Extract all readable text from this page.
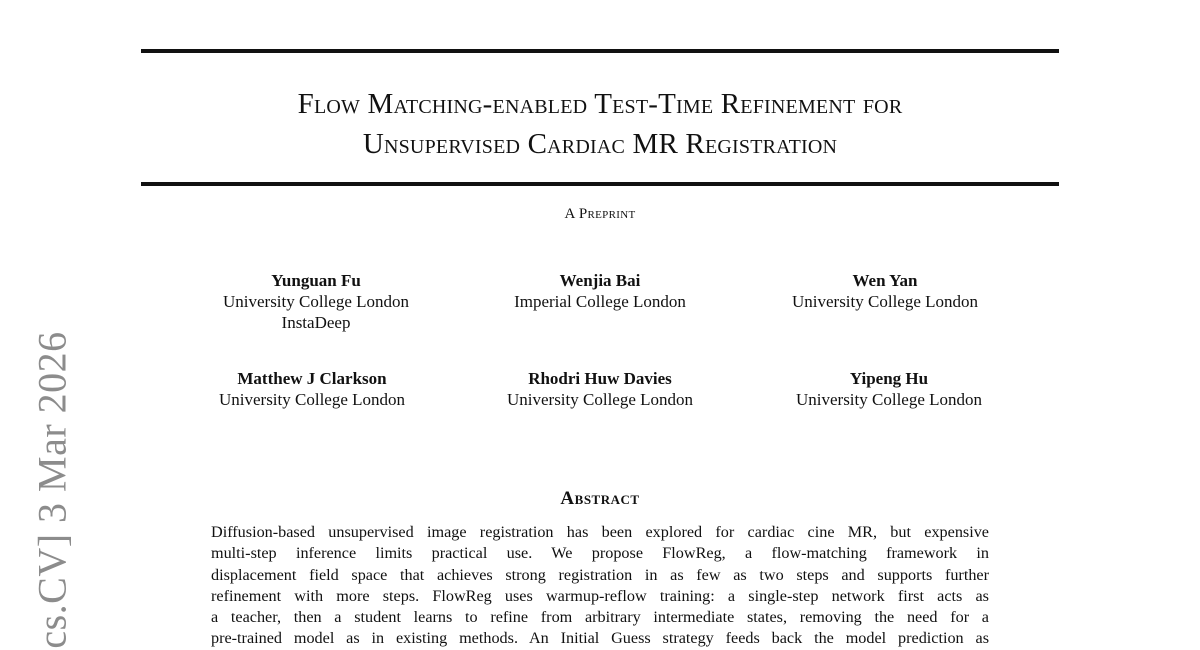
Flow Matching-enabled Test-Time Refinement for
Unsupervised Cardiac MR Registration
A Preprint
Yunguan Fu
University College London
InstaDeep
Wenjia Bai
Imperial College London
Wen Yan
University College London
Matthew J Clarkson
University College London
Rhodri Huw Davies
University College London
Yipeng Hu
University College London
Abstract
Diffusion-based unsupervised image registration has been explored for cardiac cine MR, but expensive
multi-step inference limits practical use. We propose FlowReg, a flow-matching framework in
displacement field space that achieves strong registration in as few as two steps and supports further
refinement with more steps. FlowReg uses warmup-reflow training: a single-step network first acts as
a teacher, then a student learns to refine from arbitrary intermediate states, removing the need for a
pre-trained model as in existing methods. An Initial Guess strategy feeds back the model prediction as
cs.CV] 3 Mar 2026
